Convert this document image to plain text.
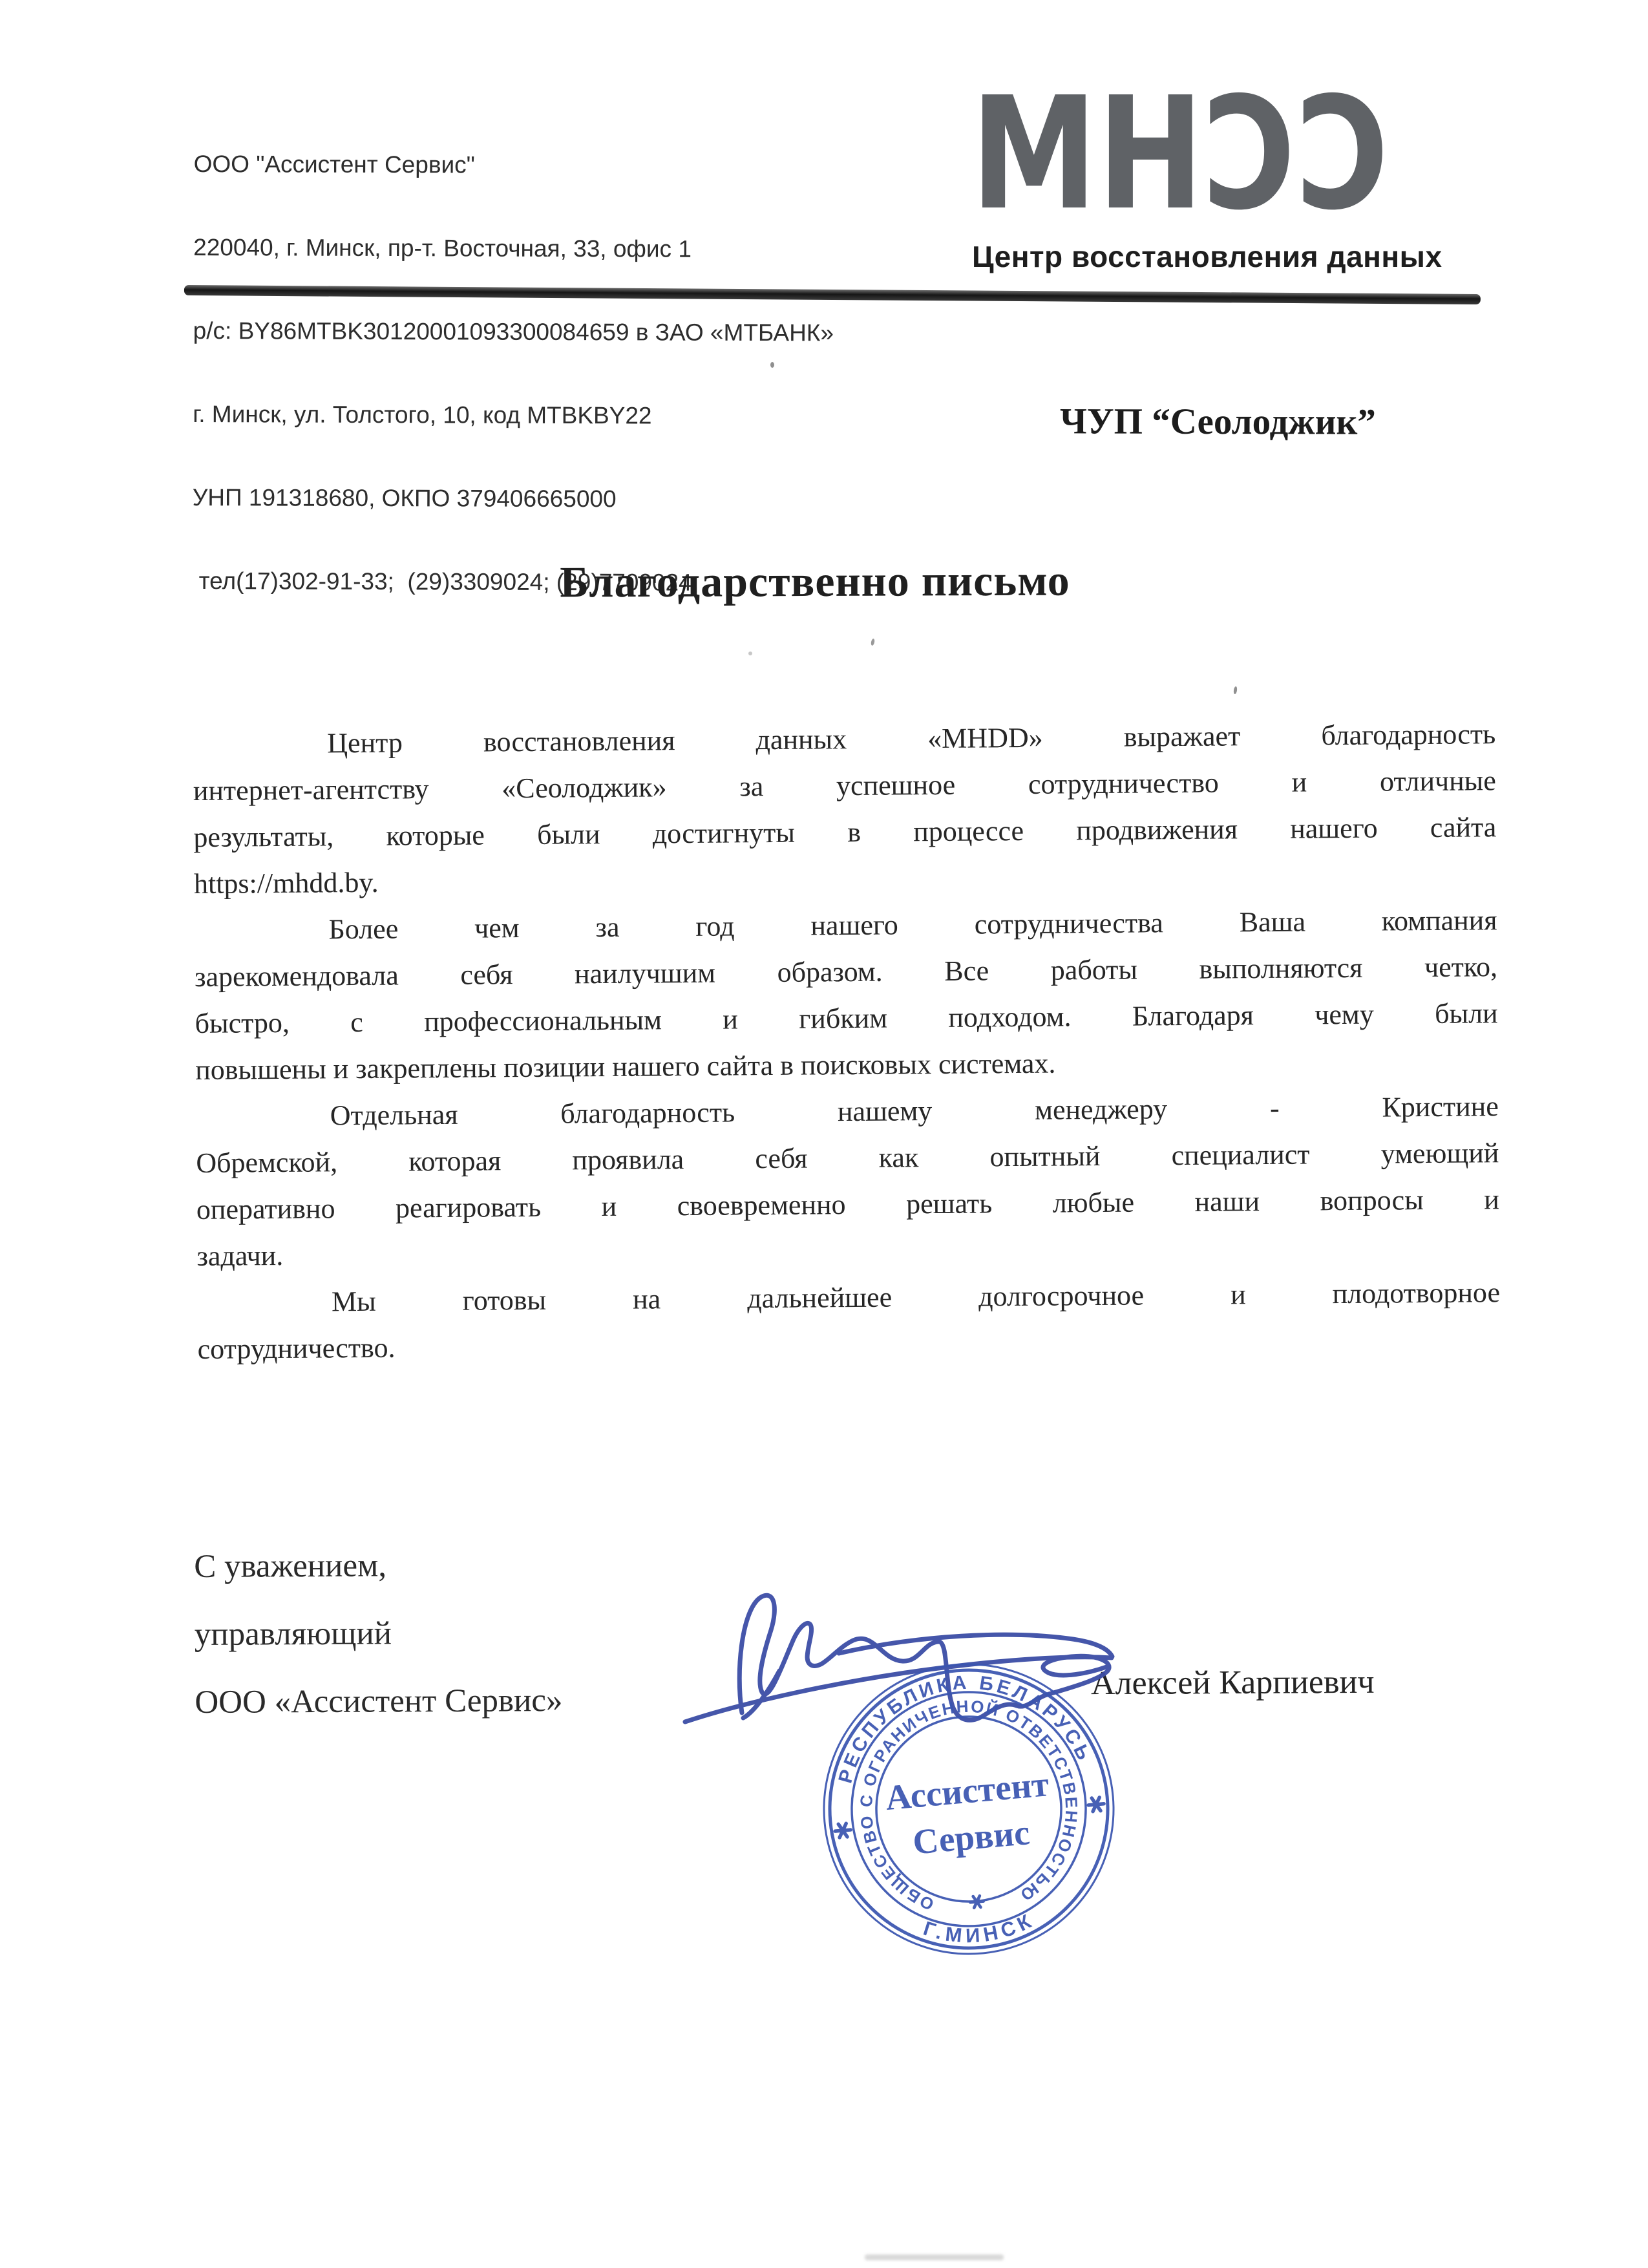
ООО "Ассистент Сервис"

220040, г. Минск, пр-т. Восточная, 33, офис 1

р/с: BY86MTBK30120001093300084659 в ЗАО «МТБАНК»

г. Минск, ул. Толстого, 10, код MTBKBY22

УНП 191318680, ОКПО 379406665000

тел(17)302-91-33;  (29)3309024; (29)7709024

MHƆƆ
Центр восстановления данных
ЧУП “Сеолоджик”
Благодарственно письмо
Центр восстановления данных «MHDD» выражает благодарность
интернет-агентству «Сеолоджик» за успешное сотрудничество и отличные
результаты, которые были достигнуты в процессе продвижения нашего сайта
https://mhdd.by.
Более чем за год нашего сотрудничества Ваша компания
зарекомендовала себя наилучшим образом. Все работы выполняются четко,
быстро, с профессиональным и гибким подходом. Благодаря чему были
повышены и закреплены позиции нашего сайта в поисковых системах.
Отдельная благодарность нашему менеджеру - Кристине
Обремской, которая проявила себя как опытный специалист умеющий
оперативно реагировать и своевременно решать любые наши вопросы и
задачи.
Мы готовы на дальнейшее долгосрочное и плодотворное
сотрудничество.
С уважением,
управляющий
ООО «Ассистент Сервис»	Алексей Карпиевич
РЕСПУБЛИКА БЕЛАРУСЬ
Г.МИНСК
ОБЩЕСТВО С ОГРАНИЧЕННОЙ ОТВЕТСТВЕННОСТЬЮ
Ассистент
Сервис
